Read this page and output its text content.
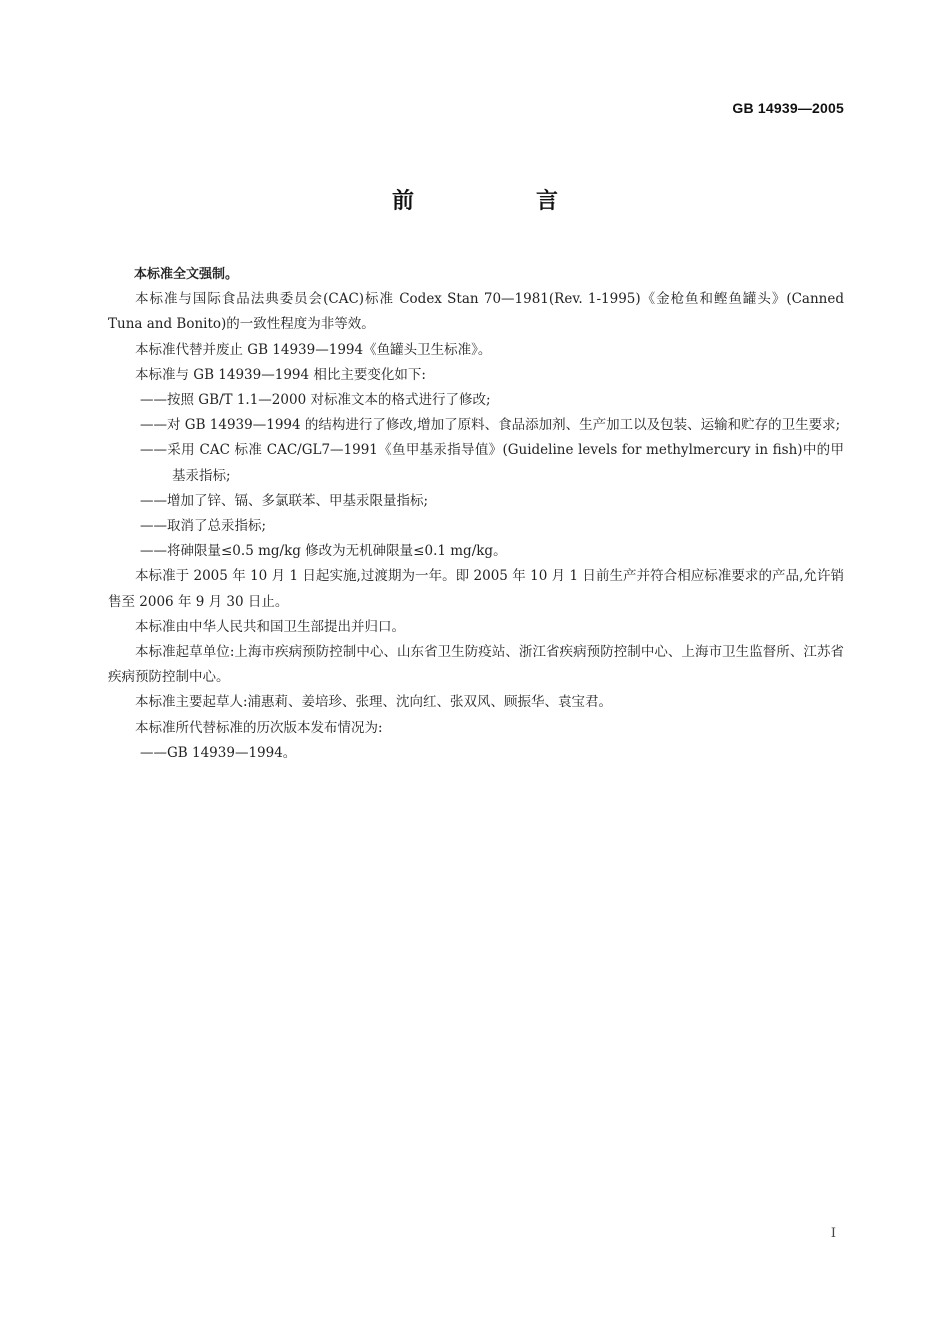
GB 14939—2005
前　言

本标准全文强制。

本标准与国际食品法典委员会(CAC)标准 Codex Stan 70—1981(Rev. 1-1995)《金枪鱼和鲣鱼罐头》(Canned Tuna and Bonito)的一致性程度为非等效。

本标准代替并废止 GB 14939—1994《鱼罐头卫生标准》。

本标准与 GB 14939—1994 相比主要变化如下:

——按照 GB/T 1.1—2000 对标准文本的格式进行了修改;

——对 GB 14939—1994 的结构进行了修改,增加了原料、食品添加剂、生产加工以及包装、运输和贮存的卫生要求;

——采用 CAC 标准 CAC/GL7—1991《鱼甲基汞指导值》(Guideline levels for methylmercury in fish)中的甲基汞指标;

——增加了锌、镉、多氯联苯、甲基汞限量指标;

——取消了总汞指标;

——将砷限量≤0.5 mg/kg 修改为无机砷限量≤0.1 mg/kg。

本标准于 2005 年 10 月 1 日起实施,过渡期为一年。即 2005 年 10 月 1 日前生产并符合相应标准要求的产品,允许销售至 2006 年 9 月 30 日止。

本标准由中华人民共和国卫生部提出并归口。

本标准起草单位:上海市疾病预防控制中心、山东省卫生防疫站、浙江省疾病预防控制中心、上海市卫生监督所、江苏省疾病预防控制中心。

本标准主要起草人:浦惠莉、姜培珍、张理、沈向红、张双风、顾振华、袁宝君。

本标准所代替标准的历次版本发布情况为:

——GB 14939—1994。

I
